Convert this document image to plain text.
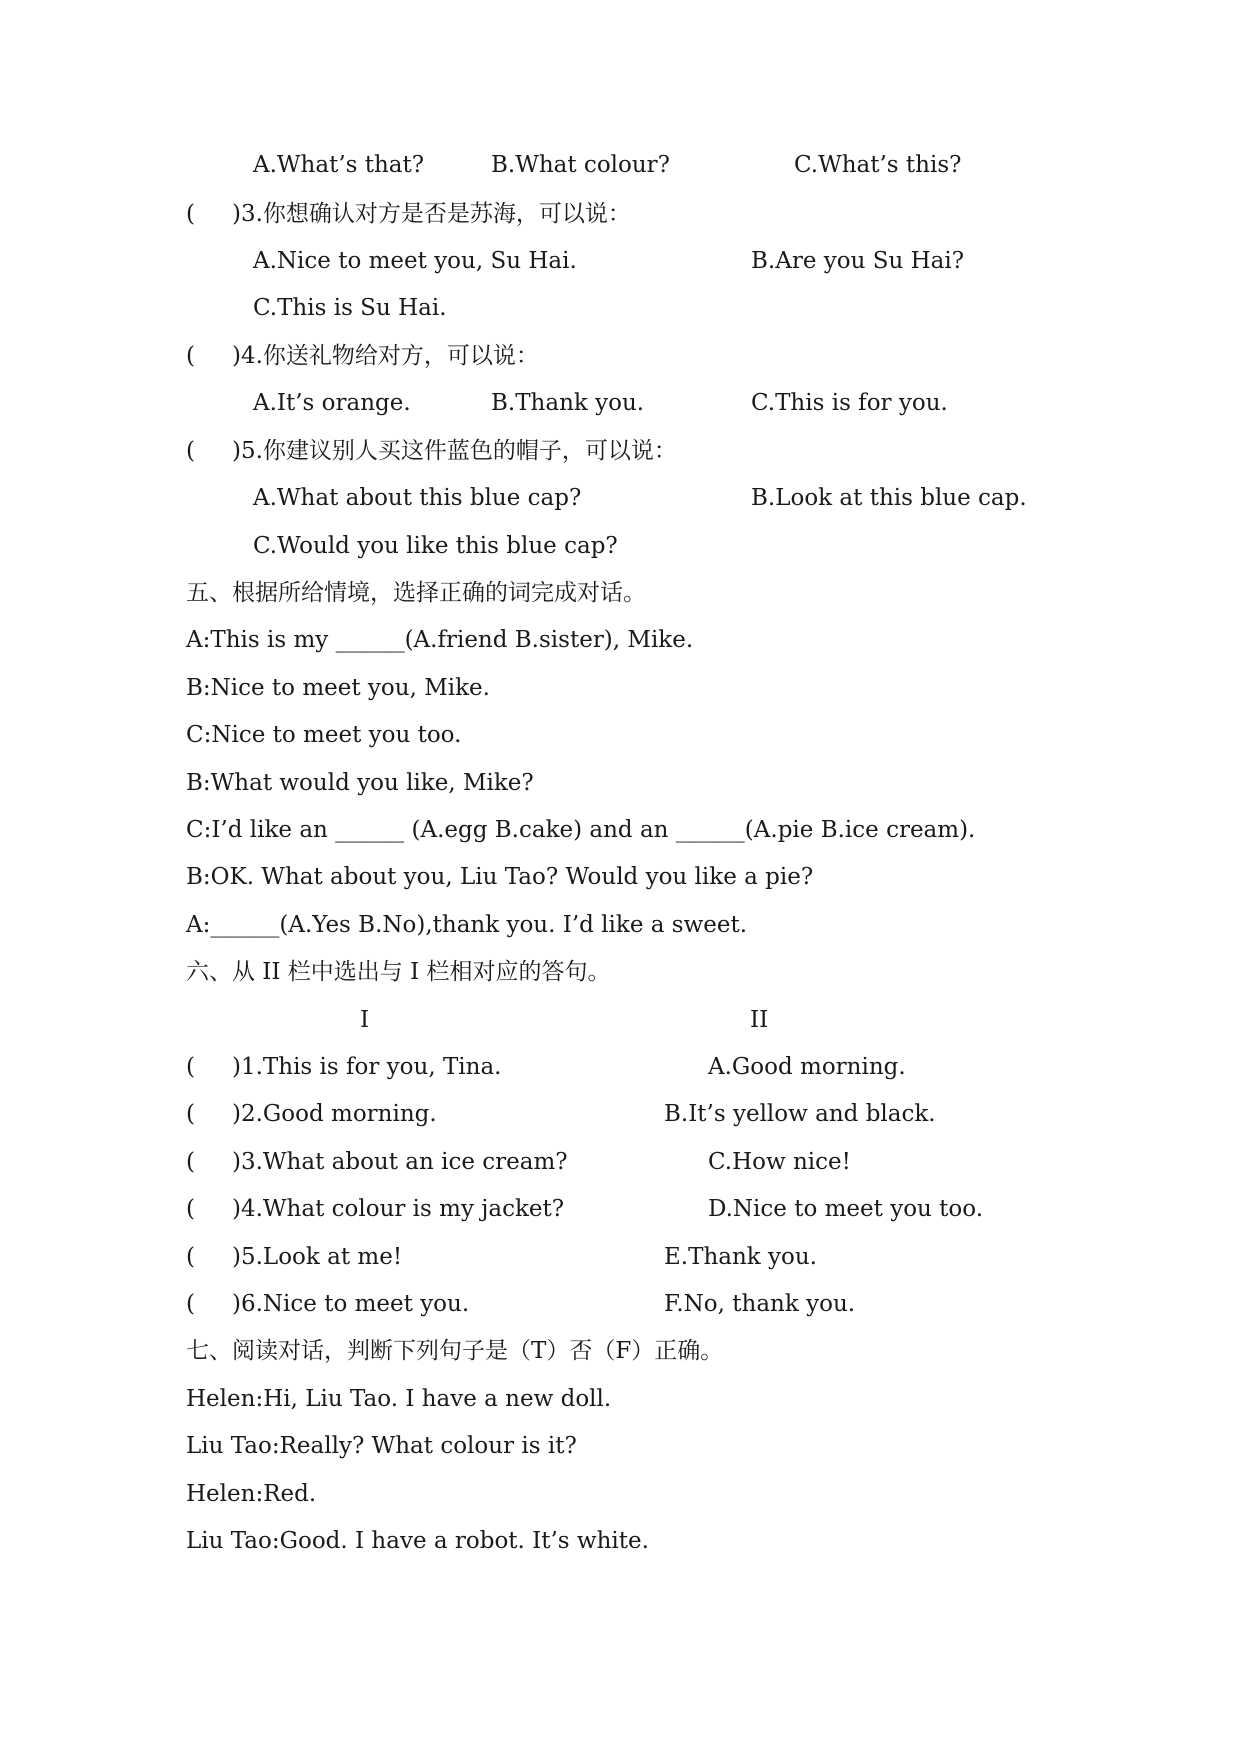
A.What’s that?	B.What colour?	C.What’s this?
( )3.你想确认对方是否是苏海，可以说：
A.Nice to meet you, Su Hai.	B.Are you Su Hai?
C.This is Su Hai.
( )4.你送礼物给对方，可以说：
A.It’s orange.	B.Thank you.	C.This is for you.
( )5.你建议别人买这件蓝色的帽子，可以说：
A.What about this blue cap?	B.Look at this blue cap.
C.Would you like this blue cap?
五、根据所给情境，选择正确的词完成对话。
A:This is my ______(A.friend B.sister), Mike.
B:Nice to meet you, Mike.
C:Nice to meet you too.
B:What would you like, Mike?
C:I’d like an ______ (A.egg B.cake) and an ______(A.pie B.ice cream).
B:OK. What about you, Liu Tao? Would you like a pie?
A:______(A.Yes B.No),thank you. I’d like a sweet.
六、从 II 栏中选出与 I 栏相对应的答句。
I	II
( )1.This is for you, Tina.	A.Good morning.
( )2.Good morning.	B.It’s yellow and black.
( )3.What about an ice cream?	C.How nice!
( )4.What colour is my jacket?	D.Nice to meet you too.
( )5.Look at me!	E.Thank you.
( )6.Nice to meet you.	F.No, thank you.
七、阅读对话，判断下列句子是（T）否（F）正确。
Helen:Hi, Liu Tao. I have a new doll.
Liu Tao:Really? What colour is it?
Helen:Red.
Liu Tao:Good. I have a robot. It’s white.
